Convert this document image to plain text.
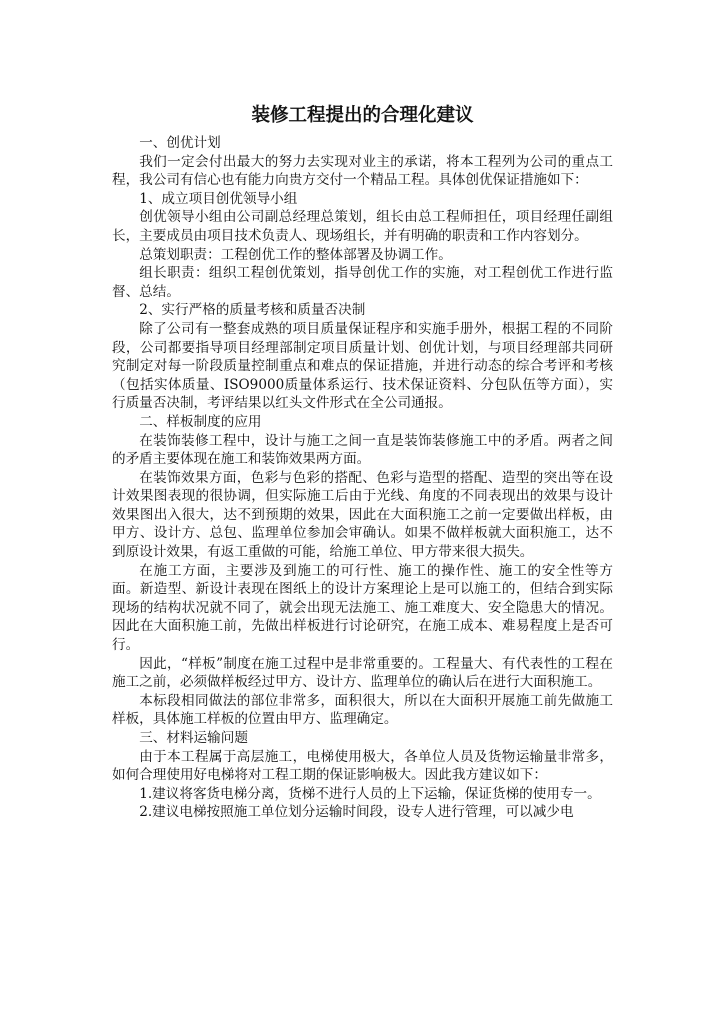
装修工程提出的合理化建议

一、创优计划

我们一定会付出最大的努力去实现对业主的承诺，将本工程列为公司的重点工程，我公司有信心也有能力向贵方交付一个精品工程。具体创优保证措施如下：

1、成立项目创优领导小组

创优领导小组由公司副总经理总策划，组长由总工程师担任，项目经理任副组长，主要成员由项目技术负责人、现场组长，并有明确的职责和工作内容划分。

总策划职责：工程创优工作的整体部署及协调工作。

组长职责：组织工程创优策划，指导创优工作的实施，对工程创优工作进行监督、总结。

2、实行严格的质量考核和质量否决制

除了公司有一整套成熟的项目质量保证程序和实施手册外，根据工程的不同阶段，公司都要指导项目经理部制定项目质量计划、创优计划，与项目经理部共同研究制定对每一阶段质量控制重点和难点的保证措施，并进行动态的综合考评和考核（包括实体质量、ISO9000质量体系运行、技术保证资料、分包队伍等方面），实行质量否决制，考评结果以红头文件形式在全公司通报。

二、样板制度的应用

在装饰装修工程中，设计与施工之间一直是装饰装修施工中的矛盾。两者之间的矛盾主要体现在施工和装饰效果两方面。

在装饰效果方面，色彩与色彩的搭配、色彩与造型的搭配、造型的突出等在设计效果图表现的很协调，但实际施工后由于光线、角度的不同表现出的效果与设计效果图出入很大，达不到预期的效果，因此在大面积施工之前一定要做出样板，由甲方、设计方、总包、监理单位参加会审确认。如果不做样板就大面积施工，达不到原设计效果，有返工重做的可能，给施工单位、甲方带来很大损失。

在施工方面，主要涉及到施工的可行性、施工的操作性、施工的安全性等方面。新造型、新设计表现在图纸上的设计方案理论上是可以施工的，但结合到实际现场的结构状况就不同了，就会出现无法施工、施工难度大、安全隐患大的情况。因此在大面积施工前，先做出样板进行讨论研究，在施工成本、难易程度上是否可行。

因此，“样板”制度在施工过程中是非常重要的。工程量大、有代表性的工程在施工之前，必须做样板经过甲方、设计方、监理单位的确认后在进行大面积施工。

本标段相同做法的部位非常多，面积很大，所以在大面积开展施工前先做施工样板，具体施工样板的位置由甲方、监理确定。

三、材料运输问题

由于本工程属于高层施工，电梯使用极大，各单位人员及货物运输量非常多，如何合理使用好电梯将对工程工期的保证影响极大。因此我方建议如下：

1.建议将客货电梯分离，货梯不进行人员的上下运输，保证货梯的使用专一。

2.建议电梯按照施工单位划分运输时间段，设专人进行管理，可以减少电
